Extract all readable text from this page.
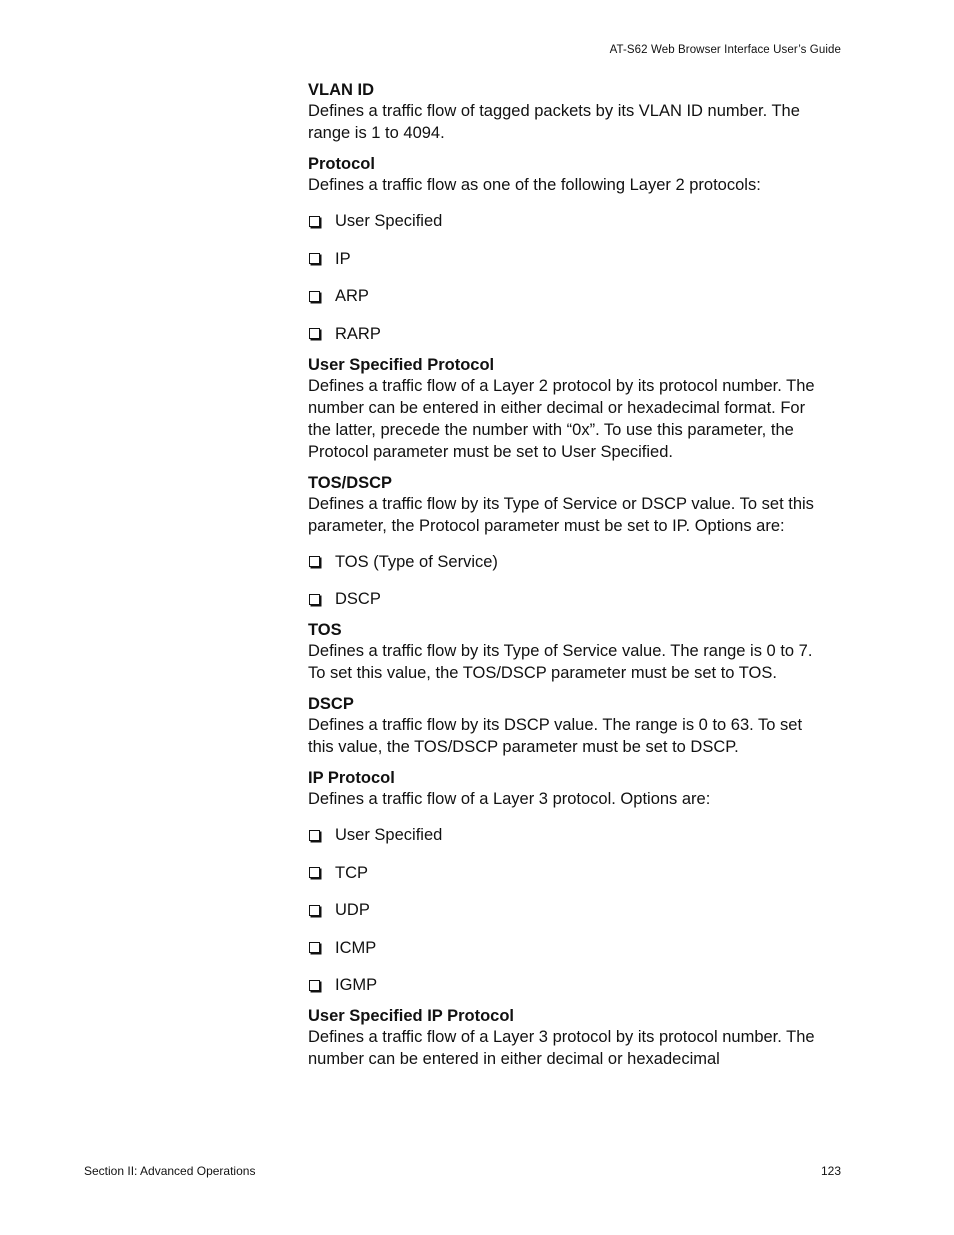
AT-S62 Web Browser Interface User’s Guide
VLAN ID

Defines a traffic flow of tagged packets by its VLAN ID number. The range is 1 to 4094.

Protocol

Defines a traffic flow as one of the following Layer 2 protocols:

User Specified
IP
ARP
RARP
User Specified Protocol

Defines a traffic flow of a Layer 2 protocol by its protocol number. The number can be entered in either decimal or hexadecimal format. For the latter, precede the number with “0x”. To use this parameter, the Protocol parameter must be set to User Specified.

TOS/DSCP

Defines a traffic flow by its Type of Service or DSCP value. To set this parameter, the Protocol parameter must be set to IP. Options are:

TOS (Type of Service)
DSCP
TOS

Defines a traffic flow by its Type of Service value. The range is 0 to 7. To set this value, the TOS/DSCP parameter must be set to TOS.

DSCP

Defines a traffic flow by its DSCP value. The range is 0 to 63. To set this value, the TOS/DSCP parameter must be set to DSCP.

IP Protocol

Defines a traffic flow of a Layer 3 protocol. Options are:

User Specified
TCP
UDP
ICMP
IGMP
User Specified IP Protocol

Defines a traffic flow of a Layer 3 protocol by its protocol number. The number can be entered in either decimal or hexadecimal

Section II: Advanced Operations	123
